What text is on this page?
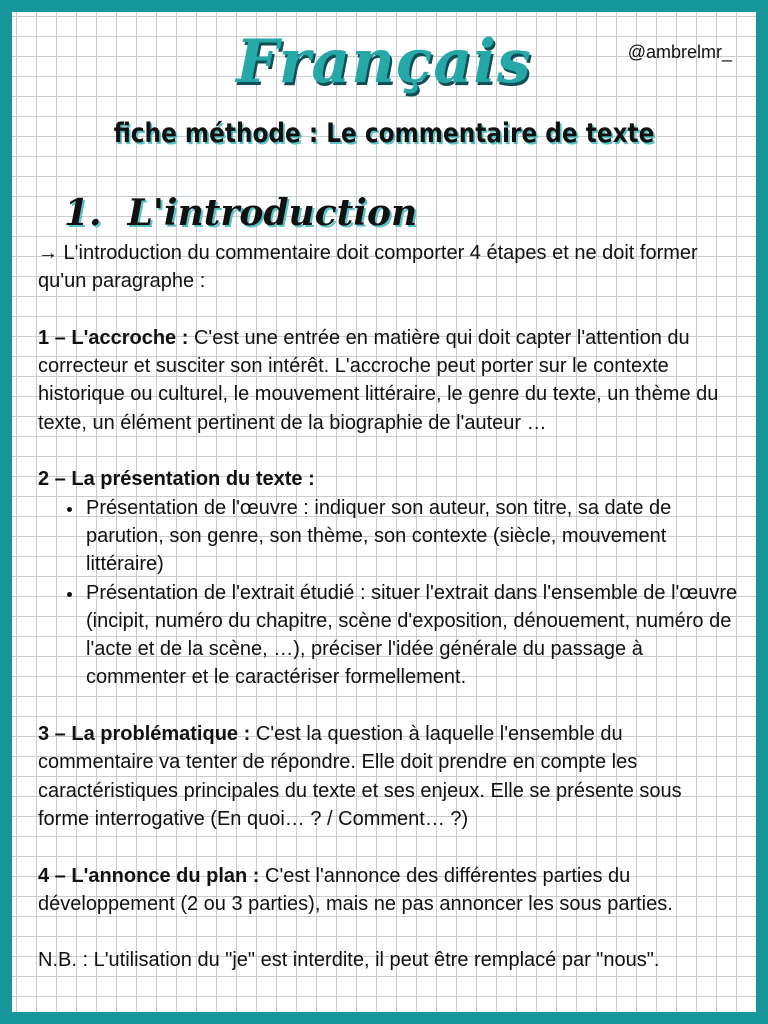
Français	@ambrelmr_
fiche méthode : Le commentaire de texte
1. L'introduction

→ L'introduction du commentaire doit comporter 4 étapes et ne doit former qu'un paragraphe :

1 – L'accroche : C'est une entrée en matière qui doit capter l'attention du correcteur et susciter son intérêt. L'accroche peut porter sur le contexte historique ou culturel, le mouvement littéraire, le genre du texte, un thème du texte, un élément pertinent de la biographie de l'auteur …

2 – La présentation du texte :

• Présentation de l'œuvre : indiquer son auteur, son titre, sa date de parution, son genre, son thème, son contexte (siècle, mouvement littéraire)
• Présentation de l'extrait étudié : situer l'extrait dans l'ensemble de l'œuvre (incipit, numéro du chapitre, scène d'exposition, dénouement, numéro de l'acte et de la scène, …), préciser l'idée générale du passage à commenter et le caractériser formellement.

3 – La problématique : C'est la question à laquelle l'ensemble du commentaire va tenter de répondre. Elle doit prendre en compte les caractéristiques principales du texte et ses enjeux. Elle se présente sous forme interrogative (En quoi… ? / Comment… ?)

4 – L'annonce du plan : C'est l'annonce des différentes parties du développement (2 ou 3 parties), mais ne pas annoncer les sous parties.

N.B. : L'utilisation du "je" est interdite, il peut être remplacé par "nous".
